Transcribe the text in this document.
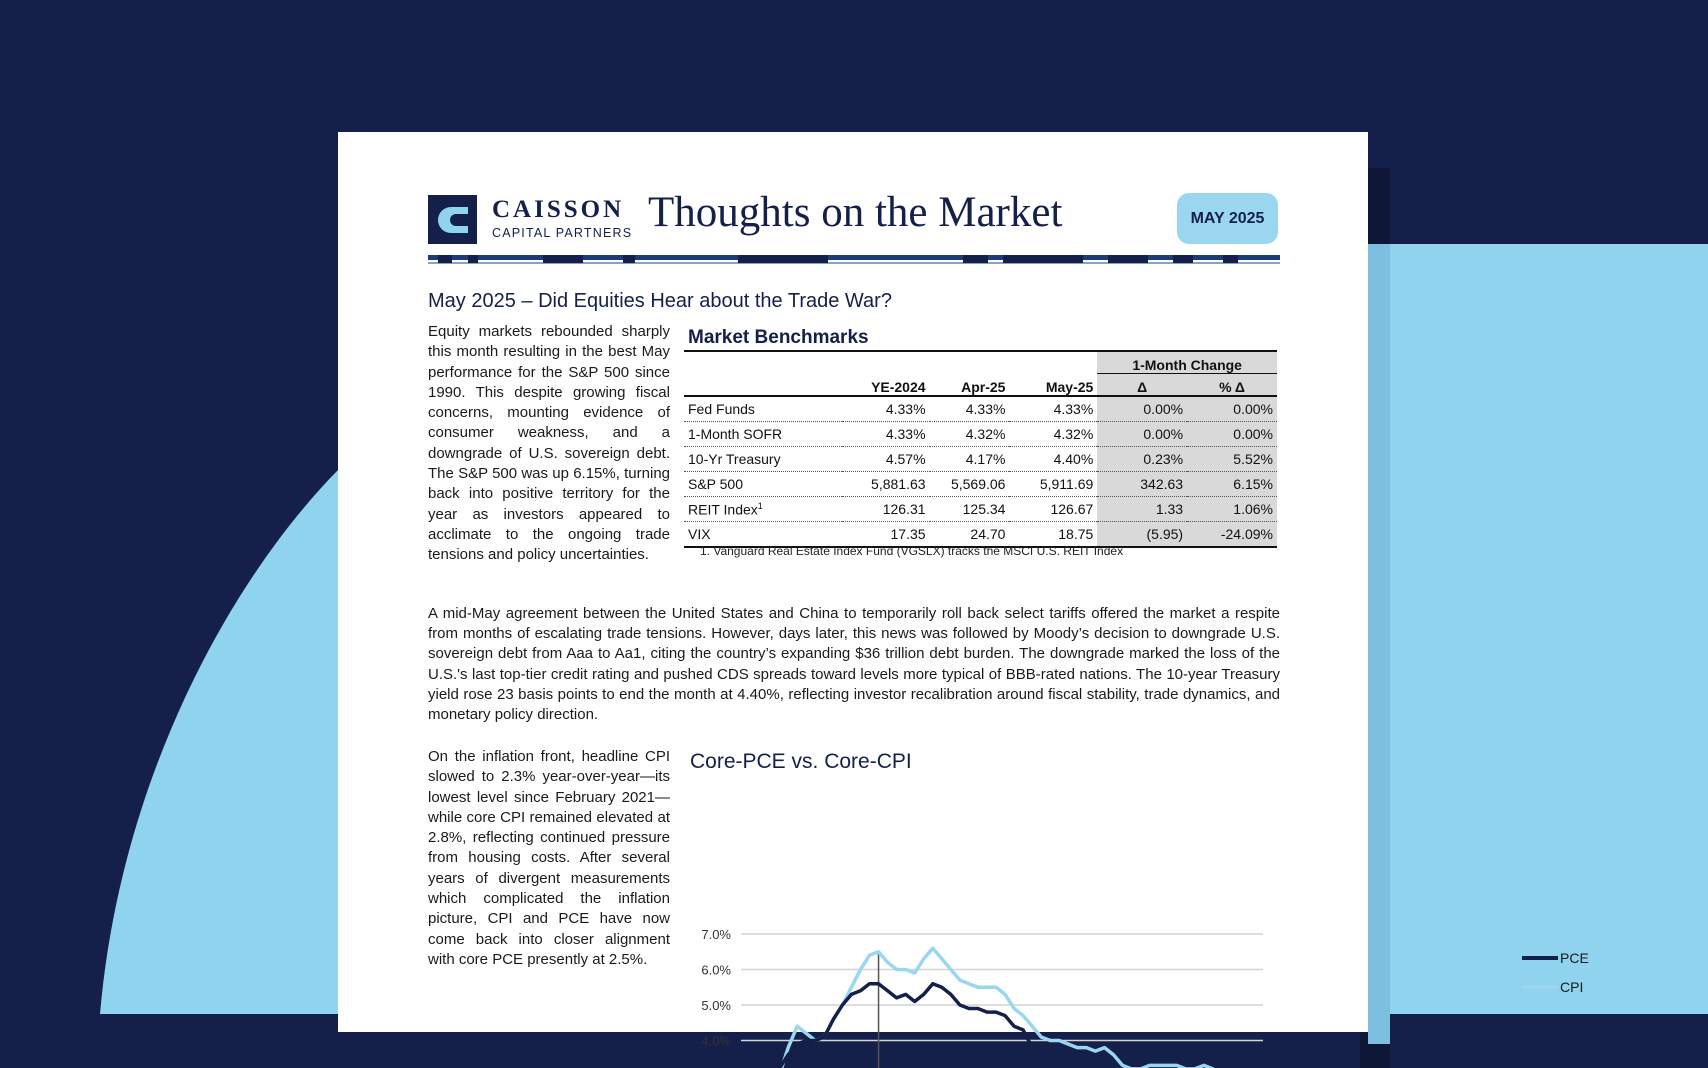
CAISSON
CAPITAL PARTNERS Thoughts on the Market	MAY 2025
May 2025 – Did Equities Hear about the Trade War?
Equity markets rebounded sharply this month resulting in the best May performance for the S&P 500 since 1990. This despite growing fiscal concerns, mounting evidence of consumer weakness, and a downgrade of U.S. sovereign debt. The S&P 500 was up 6.15%, turning back into positive territory for the year as investors appeared to acclimate to the ongoing trade tensions and policy uncertainties.
Market Benchmarks
				1-Month Change	
	YE-2024	Apr-25	May-25	Δ	% Δ
Fed Funds	4.33%	4.33%	4.33%	0.00%	0.00%
1-Month SOFR	4.33%	4.32%	4.32%	0.00%	0.00%
10-Yr Treasury	4.57%	4.17%	4.40%	0.23%	5.52%
S&P 500	5,881.63	5,569.06	5,911.69	342.63	6.15%
REIT Index$^1$	126.31	125.34	126.67	1.33	1.06%
VIX	17.35	24.70	18.75	(5.95)	-24.09%
1. Vanguard Real Estate Index Fund (VGSLX) tracks the MSCI U.S. REIT Index
A mid-May agreement between the United States and China to temporarily roll back select tariffs offered the market a respite from months of escalating trade tensions. However, days later, this news was followed by Moody’s decision to downgrade U.S. sovereign debt from Aaa to Aa1, citing the country’s expanding $36 trillion debt burden. The downgrade marked the loss of the U.S.'s last top-tier credit rating and pushed CDS spreads toward levels more typical of BBB-rated nations. The 10-year Treasury yield rose 23 basis points to end the month at 4.40%, reflecting investor recalibration around fiscal stability, trade dynamics, and monetary policy direction.
On the inflation front, headline CPI slowed to 2.3% year-over-year—its lowest level since February 2021—while core CPI remained elevated at 2.8%, reflecting continued pressure from housing costs. After several years of divergent measurements which complicated the inflation picture, CPI and PCE have now come back into closer alignment with core PCE presently at 2.5%.
Core-PCE vs. Core-CPI
7.0%
6.0%
5.0%
4.0%
PCE
CPI
